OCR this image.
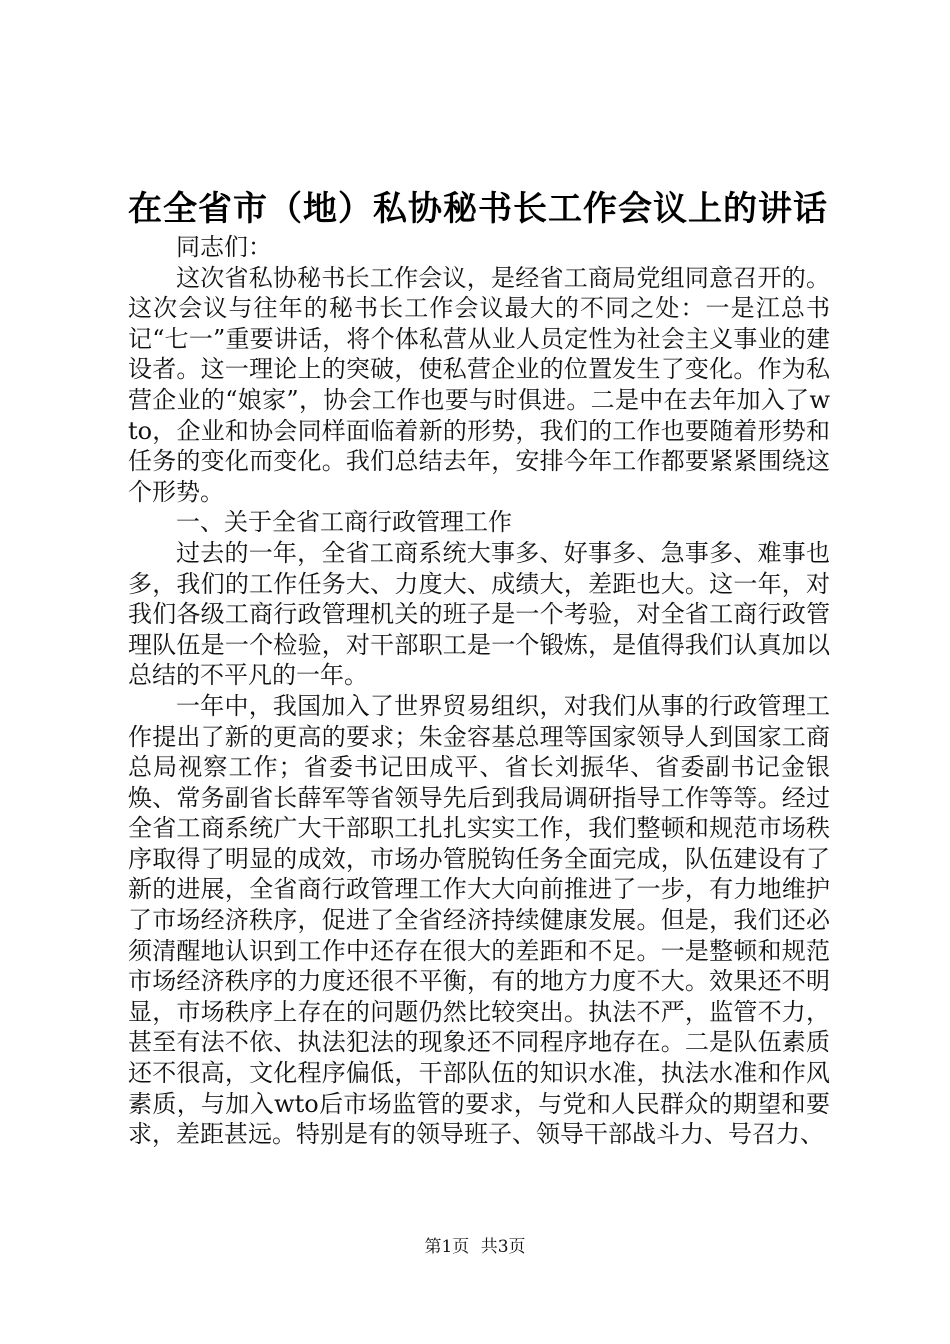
在全省市（地）私协秘书长工作会议上的讲话

同志们：

这次省私协秘书长工作会议，是经省工商局党组同意召开的。这次会议与往年的秘书长工作会议最大的不同之处：一是江总书记“七一”重要讲话，将个体私营从业人员定性为社会主义事业的建设者。这一理论上的突破，使私营企业的位置发生了变化。作为私营企业的“娘家”，协会工作也要与时俱进。二是中在去年加入了wto，企业和协会同样面临着新的形势，我们的工作也要随着形势和任务的变化而变化。我们总结去年，安排今年工作都要紧紧围绕这个形势。

一、关于全省工商行政管理工作

过去的一年，全省工商系统大事多、好事多、急事多、难事也多，我们的工作任务大、力度大、成绩大，差距也大。这一年，对我们各级工商行政管理机关的班子是一个考验，对全省工商行政管理队伍是一个检验，对干部职工是一个锻炼，是值得我们认真加以总结的不平凡的一年。

一年中，我国加入了世界贸易组织，对我们从事的行政管理工作提出了新的更高的要求；朱金容基总理等国家领导人到国家工商总局视察工作；省委书记田成平、省长刘振华、省委副书记金银焕、常务副省长薛军等省领导先后到我局调研指导工作等等。经过全省工商系统广大干部职工扎扎实实工作，我们整顿和规范市场秩序取得了明显的成效，市场办管脱钩任务全面完成，队伍建设有了新的进展，全省商行政管理工作大大向前推进了一步，有力地维护了市场经济秩序，促进了全省经济持续健康发展。但是，我们还必须清醒地认识到工作中还存在很大的差距和不足。一是整顿和规范市场经济秩序的力度还很不平衡，有的地方力度不大。效果还不明显，市场秩序上存在的问题仍然比较突出。执法不严，监管不力，甚至有法不依、执法犯法的现象还不同程序地存在。二是队伍素质还不很高，文化程序偏低，干部队伍的知识水准，执法水准和作风素质，与加入wto后市场监管的要求，与党和人民群众的期望和要求，差距甚远。特别是有的领导班子、领导干部战斗力、号召力、

第1页 共3页
